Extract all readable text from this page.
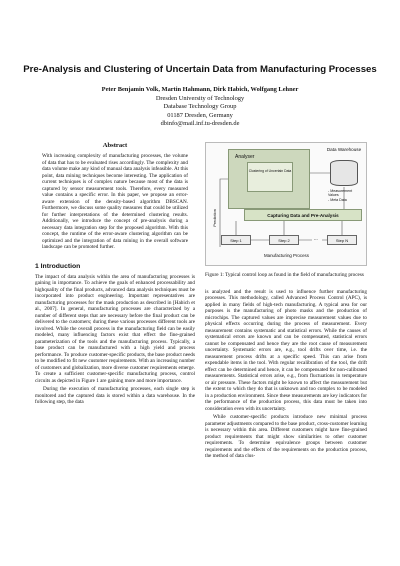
Pre-Analysis and Clustering of Uncertain Data from Manufacturing Processes
Peter Benjamin Volk, Martin Hahmann, Dirk Habich, Wolfgang Lehner
Dresden University of Technology
Database Technology Group
01187 Dresden, Germany
dbinfo@mail.inf.tu-dresden.de
Abstract
With increasing complexity of manufacturing processes, the volume of data that has to be evaluated rises accordingly. The complexity and data volume make any kind of manual data analysis infeasible. At this point, data mining techniques become interesting. The application of current techniques is of complex nature because most of the data is captured by sensor measurement tools. Therefore, every measured value contains a specific error. In this paper, we propose an error-aware extension of the density-based algorithm DBSCAN. Furthermore, we discuss some quality measures that could be utilized for further interpretations of the determined clustering results. Additionally, we introduce the concept of pre-analysis during a necessary data integration step for the proposed algorithm. With this concept, the runtime of the error-aware clustering algorithm can be optimized and the integration of data mining in the overall software landscape can be promoted further.
1 Introduction
The impact of data analysis within the area of manufacturing processes is gaining in importance. To achieve the goals of enhanced processability and highquality of the final products, advanced data analysis techniques must be incorporated into product engineering. Important representatives are manufacturing processes for the mask production as described in [Habich et al., 2007]. In general, manufacturing processes are characterized by a number of different steps that are necessary before the final product can be delivered to the customers; during these various processes different tools are involved. While the overall process in the manufacturing field can be easily modeled, many influencing factors exist that effect the fine-grained parameterization of the tools and the manufacturing process. Typically, a base product can be manufactured with a high yield and process performance. To produce customer-specific products, the base product needs to be modified to fit new customer requirements. With an increasing number of customers and globalization, more diverse customer requirements emerge. To create a sufficient customer-specific manufacturing process, control circuits as depicted in Figure 1 are gaining more and more importance.
During the execution of manufacturing processes, each single step is monitored and the captured data is stored within a data warehouse. In the following step, the data
Analyser
Clustering of Uncertain Data
Data Warehouse
- Measurement
Values
- Meta Data
Capturing Data and Pre-Analysis
Prediction
Step 1	Step 2	...	Step N
Manufacturing Process
Figure 1: Typical control loop as found in the field of manufacturing process
is analyzed and the result is used to influence further manufacturing processes. This methodology, called Advanced Process Control (APC), is applied in many fields of high-tech manufacturing. A typical area for our purposes is the manufacturing of photo masks and the production of microchips. The captured values are imprecise measurement values due to physical effects occurring during the process of measurement. Every measurement contains systematic and statistical errors. While the causes of systematical errors are known and can be compensated, statistical errors cannot be compensated and hence they are the root cause of measurement uncertainty. Systematic errors are, e.g., tool drifts over time, i.e. the measurement process drifts at a specific speed. This can arise from expendable items in the tool. With regular recalibration of the tool, the drift effect can be determined and hence, it can be compensated for non-calibrated measurements. Statistical errors arise, e.g., from fluctuations in temperature or air pressure. These factors might be known to affect the measurement but the extent to which they do that is unknown and too complex to be modeled in a production environment. Since these measurements are key indicators for the performance of the production process, this data must be taken into consideration even with its uncertainty.
While customer-specific products introduce new minimal process parameter adjustments compared to the base product, cross-customer learning is necessary within this area. Different customers might have fine-grained product requirements that might show similarities to other customer requirements. To determine equivalence groups between customer requirements and the effects of the requirements on the production process, the method of data clus-
